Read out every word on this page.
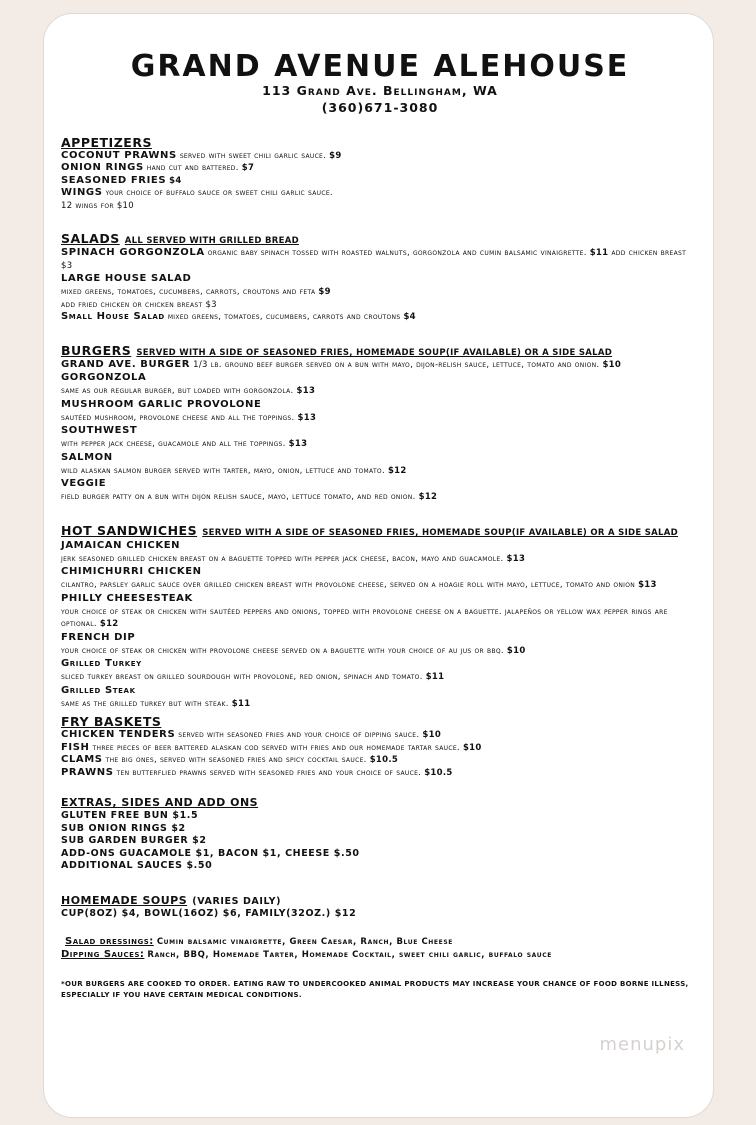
GRAND AVENUE ALEHOUSE
113 Grand Ave. Bellingham, WA
(360)671-3080
APPETIZERS

COCONUT PRAWNS served with sweet chili garlic sauce. $9

ONION RINGS hand cut and battered. $7

SEASONED FRIES $4

WINGS your choice of buffalo sauce or sweet chili garlic sauce.

12 wings for $10

SALADS ALL SERVED WITH GRILLED BREAD

SPINACH GORGONZOLA organic baby spinach tossed with roasted walnuts, gorgonzola and cumin balsamic vinaigrette. $11 add chicken breast $3

LARGE HOUSE SALAD

mixed greens, tomatoes, cucumbers, carrots, croutons and feta $9

add fried chicken or chicken breast $3

Small House Salad mixed greens, tomatoes, cucumbers, carrots and croutons $4

BURGERS SERVED WITH A SIDE OF SEASONED FRIES, HOMEMADE SOUP(IF AVAILABLE) OR A SIDE SALAD

GRAND AVE. BURGER 1/3 lb. ground beef burger served on a bun with mayo, dijon-relish sauce, lettuce, tomato and onion. $10

GORGONZOLA

same as our regular burger, but loaded with gorgonzola. $13

MUSHROOM GARLIC PROVOLONE

sautéed mushroom, provolone cheese and all the toppings. $13

SOUTHWEST

with pepper jack cheese, guacamole and all the toppings. $13

SALMON

wild alaskan salmon burger served with tarter, mayo, onion, lettuce and tomato. $12

VEGGIE

field burger patty on a bun with dijon relish sauce, mayo, lettuce tomato, and red onion. $12

HOT SANDWICHES SERVED WITH A SIDE OF SEASONED FRIES, HOMEMADE SOUP(IF AVAILABLE) OR A SIDE SALAD
JAMAICAN CHICKEN

jerk seasoned grilled chicken breast on a baguette topped with pepper jack cheese, bacon, mayo and guacamole. $13

CHIMICHURRI CHICKEN

cilantro, parsley garlic sauce over grilled chicken breast with provolone cheese, served on a hoagie roll with mayo, lettuce, tomato and onion $13

PHILLY CHEESESTEAK

your choice of steak or chicken with sautéed peppers and onions, topped with provolone cheese on a baguette. jalapeños or yellow wax pepper rings are optional. $12

FRENCH DIP

your choice of steak or chicken with provolone cheese served on a baguette with your choice of au jus or bbq. $10

Grilled Turkey

sliced turkey breast on grilled sourdough with provolone, red onion, spinach and tomato. $11

Grilled Steak

same as the grilled turkey but with steak. $11

FRY BASKETS

CHICKEN TENDERS served with seasoned fries and your choice of dipping sauce. $10

FISH three pieces of beer battered alaskan cod served with fries and our homemade tartar sauce. $10

CLAMS the big ones, served with seasoned fries and spicy cocktail sauce. $10.5

PRAWNS ten butterflied prawns served with seasoned fries and your choice of sauce. $10.5

EXTRAS, SIDES AND ADD ONS
GLUTEN FREE BUN $1.5
SUB ONION RINGS $2
SUB GARDEN BURGER $2
ADD-ONS GUACAMOLE $1, BACON $1, CHEESE $.50
ADDITIONAL SAUCES $.50
HOMEMADE SOUPS (VARIES DAILY)
CUP(8OZ) $4, BOWL(16OZ) $6, FAMILY(32OZ.) $12

Salad dressings: Cumin balsamic vinaigrette, Green Caesar, Ranch, Blue Cheese

Dipping Sauces: Ranch, BBQ, Homemade Tarter, Homemade Cocktail, sweet chili garlic, buffalo sauce

*OUR BURGERS ARE COOKED TO ORDER. EATING RAW TO UNDERCOOKED ANIMAL PRODUCTS MAY INCREASE YOUR CHANCE OF FOOD BORNE ILLNESS, ESPECIALLY IF YOU HAVE CERTAIN MEDICAL CONDITIONS.
menupix
